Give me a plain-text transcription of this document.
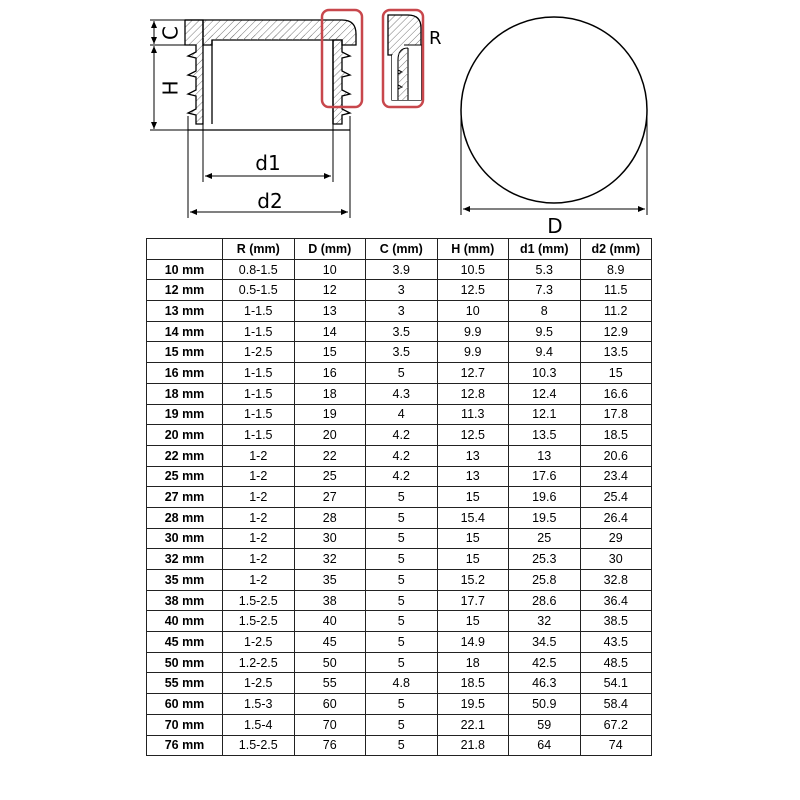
C
H
d1
d2
R
D
	R (mm)	D (mm)	C (mm)	H (mm)	d1 (mm)	d2 (mm)
10 mm	0.8-1.5	10	3.9	10.5	5.3	8.9
12 mm	0.5-1.5	12	3	12.5	7.3	11.5
13 mm	1-1.5	13	3	10	8	11.2
14 mm	1-1.5	14	3.5	9.9	9.5	12.9
15 mm	1-2.5	15	3.5	9.9	9.4	13.5
16 mm	1-1.5	16	5	12.7	10.3	15
18 mm	1-1.5	18	4.3	12.8	12.4	16.6
19 mm	1-1.5	19	4	11.3	12.1	17.8
20 mm	1-1.5	20	4.2	12.5	13.5	18.5
22 mm	1-2	22	4.2	13	13	20.6
25 mm	1-2	25	4.2	13	17.6	23.4
27 mm	1-2	27	5	15	19.6	25.4
28 mm	1-2	28	5	15.4	19.5	26.4
30 mm	1-2	30	5	15	25	29
32 mm	1-2	32	5	15	25.3	30
35 mm	1-2	35	5	15.2	25.8	32.8
38 mm	1.5-2.5	38	5	17.7	28.6	36.4
40 mm	1.5-2.5	40	5	15	32	38.5
45 mm	1-2.5	45	5	14.9	34.5	43.5
50 mm	1.2-2.5	50	5	18	42.5	48.5
55 mm	1-2.5	55	4.8	18.5	46.3	54.1
60 mm	1.5-3	60	5	19.5	50.9	58.4
70 mm	1.5-4	70	5	22.1	59	67.2
76 mm	1.5-2.5	76	5	21.8	64	74
